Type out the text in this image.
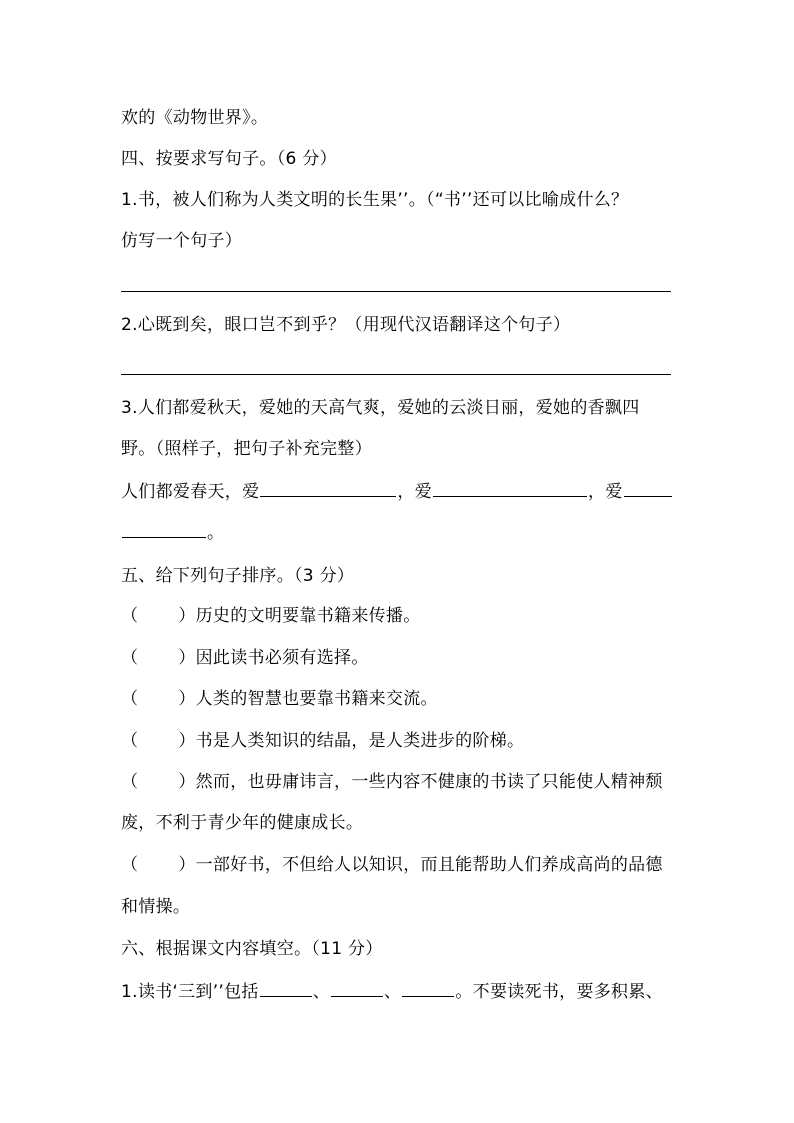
欢的《动物世界》。
四、按要求写句子。（6 分）
1.书，被人们称为人类文明的长生果’’。（“书’’还可以比喻成什么？
仿写一个句子）
2.心既到矣，眼口岂不到乎？（用现代汉语翻译这个句子）
3.人们都爱秋天，爱她的天高气爽，爱她的云淡日丽，爱她的香飘四
野。（照样子，把句子补充完整）
人们都爱春天，爱	，爱	，爱
。
五、给下列句子排序。（3 分）
（ ）历史的文明要靠书籍来传播。
（ ）因此读书必须有选择。
（ ）人类的智慧也要靠书籍来交流。
（ ）书是人类知识的结晶，是人类进步的阶梯。
（ ）然而，也毋庸讳言，一些内容不健康的书读了只能使人精神颓
废，不利于青少年的健康成长。
（ ）一部好书，不但给人以知识，而且能帮助人们养成高尚的品德
和情操。
六、根据课文内容填空。（11 分）
1.读书‘三到’’包括	、	、	。不要读死书，要多积累、
